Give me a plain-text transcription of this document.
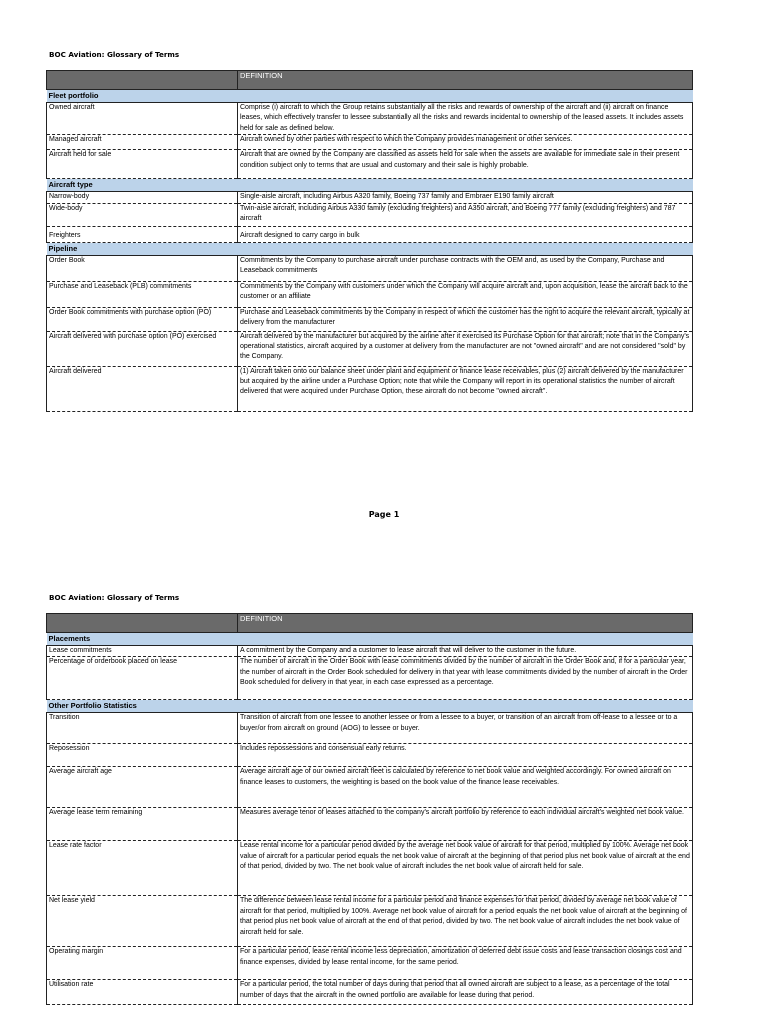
BOC Aviation: Glossary of Terms
	DEFINITION
Fleet portfolio	
Owned aircraft	Comprise (i) aircraft to which the Group retains substantially all the risks and rewards of ownership of the aircraft and (ii) aircraft on finance leases, which effectively transfer to lessee substantially all the risks and rewards incidental to ownership of the leased assets. It includes assets held for sale as defined below.
Managed aircraft	Aircraft owned by other parties with respect to which the Company provides management or other services.
Aircraft held for sale	Aircraft that are owned by the Company are classified as assets held for sale when the assets are available for immediate sale in their present condition subject only to terms that are usual and customary and their sale is highly probable.
Aircraft type	
Narrow-body	Single-aisle aircraft, including Airbus A320 family, Boeing 737 family and Embraer E190 family aircraft
Wide-body	Twin-aisle aircraft, including Airbus A330 family (excluding freighters) and A350 aircraft, and Boeing 777 family (excluding freighters) and 787 aircraft
Freighters	Aircraft designed to carry cargo in bulk
Pipeline	
Order Book	Commitments by the Company to purchase aircraft under purchase contracts with the OEM and, as used by the Company, Purchase and Leaseback commitments
Purchase and Leaseback (PLB) commitments	Commitments by the Company with customers under which the Company will acquire aircraft and, upon acquisition, lease the aircraft back to the customer or an affiliate
Order Book commitments with purchase option (PO)	Purchase and Leaseback commitments by the Company in respect of which the customer has the right to acquire the relevant aircraft, typically at delivery from the manufacturer
Aircraft delivered with purchase option (PO) exercised	Aircraft delivered by the manufacturer but acquired by the airline after it exercised its Purchase Option for that aircraft; note that in the Company's operational statistics, aircraft acquired by a customer at delivery from the manufacturer are not "owned aircraft" and are not considered "sold" by the Company.
Aircraft delivered	(1) Aircraft taken onto our balance sheet under plant and equipment or finance lease receivables, plus (2) aircraft delivered by the manufacturer but acquired by the airline under a Purchase Option; note that while the Company will report in its operational statistics the number of aircraft delivered that were acquired under Purchase Option, these aircraft do not become "owned aircraft".
Page 1
BOC Aviation: Glossary of Terms
	DEFINITION
Placements	
Lease commitments	A commitment by the Company and a customer to lease aircraft that will deliver to the customer in the future.
Percentage of orderbook placed on lease	The number of aircraft in the Order Book with lease commitments divided by the number of aircraft in the Order Book and, if for a particular year, the number of aircraft in the Order Book scheduled for delivery in that year with lease commitments divided by the number of aircraft in the Order Book scheduled for delivery in that year, in each case expressed as a percentage.
Other Portfolio Statistics	
Transition	Transition of aircraft from one lessee to another lessee or from a lessee to a buyer, or transition of an aircraft from off-lease to a lessee or to a buyer/or from aircraft on ground (AOG) to lessee or buyer.
Reposession	Includes repossessions and consensual early returns.
Average aircraft age	Average aircraft age of our owned aircraft fleet is calculated by reference to net book value and weighted accordingly. For owned aircraft on finance leases to customers, the weighting is based on the book value of the finance lease receivables.
Average lease term remaining	Measures average tenor of leases attached to the company's aircraft portfolio by reference to each individual aircraft's weighted net book value.
Lease rate factor	Lease rental income for a particular period divided by the average net book value of aircraft for that period, multiplied by 100%. Average net book value of aircraft for a particular period equals the net book value of aircraft at the beginning of that period plus net book value of aircraft at the end of that period, divided by two. The net book value of aircraft includes the net book value of aircraft held for sale.
Net lease yield	The difference between lease rental income for a particular period and finance expenses for that period, divided by average net book value of aircraft for that period, multiplied by 100%. Average net book value of aircraft for a period equals the net book value of aircraft at the beginning of that period plus net book value of aircraft at the end of that period, divided by two. The net book value of aircraft includes the net book value of aircraft held for sale.
Operating margin	For a particular period, lease rental income less depreciation, amortization of deferred debt issue costs and lease transaction closings cost and finance expenses, divided by lease rental income, for the same period.
Utilisation rate	For a particular period, the total number of days during that period that all owned aircraft are subject to a lease, as a percentage of the total number of days that the aircraft in the owned portfolio are available for lease during that period.
